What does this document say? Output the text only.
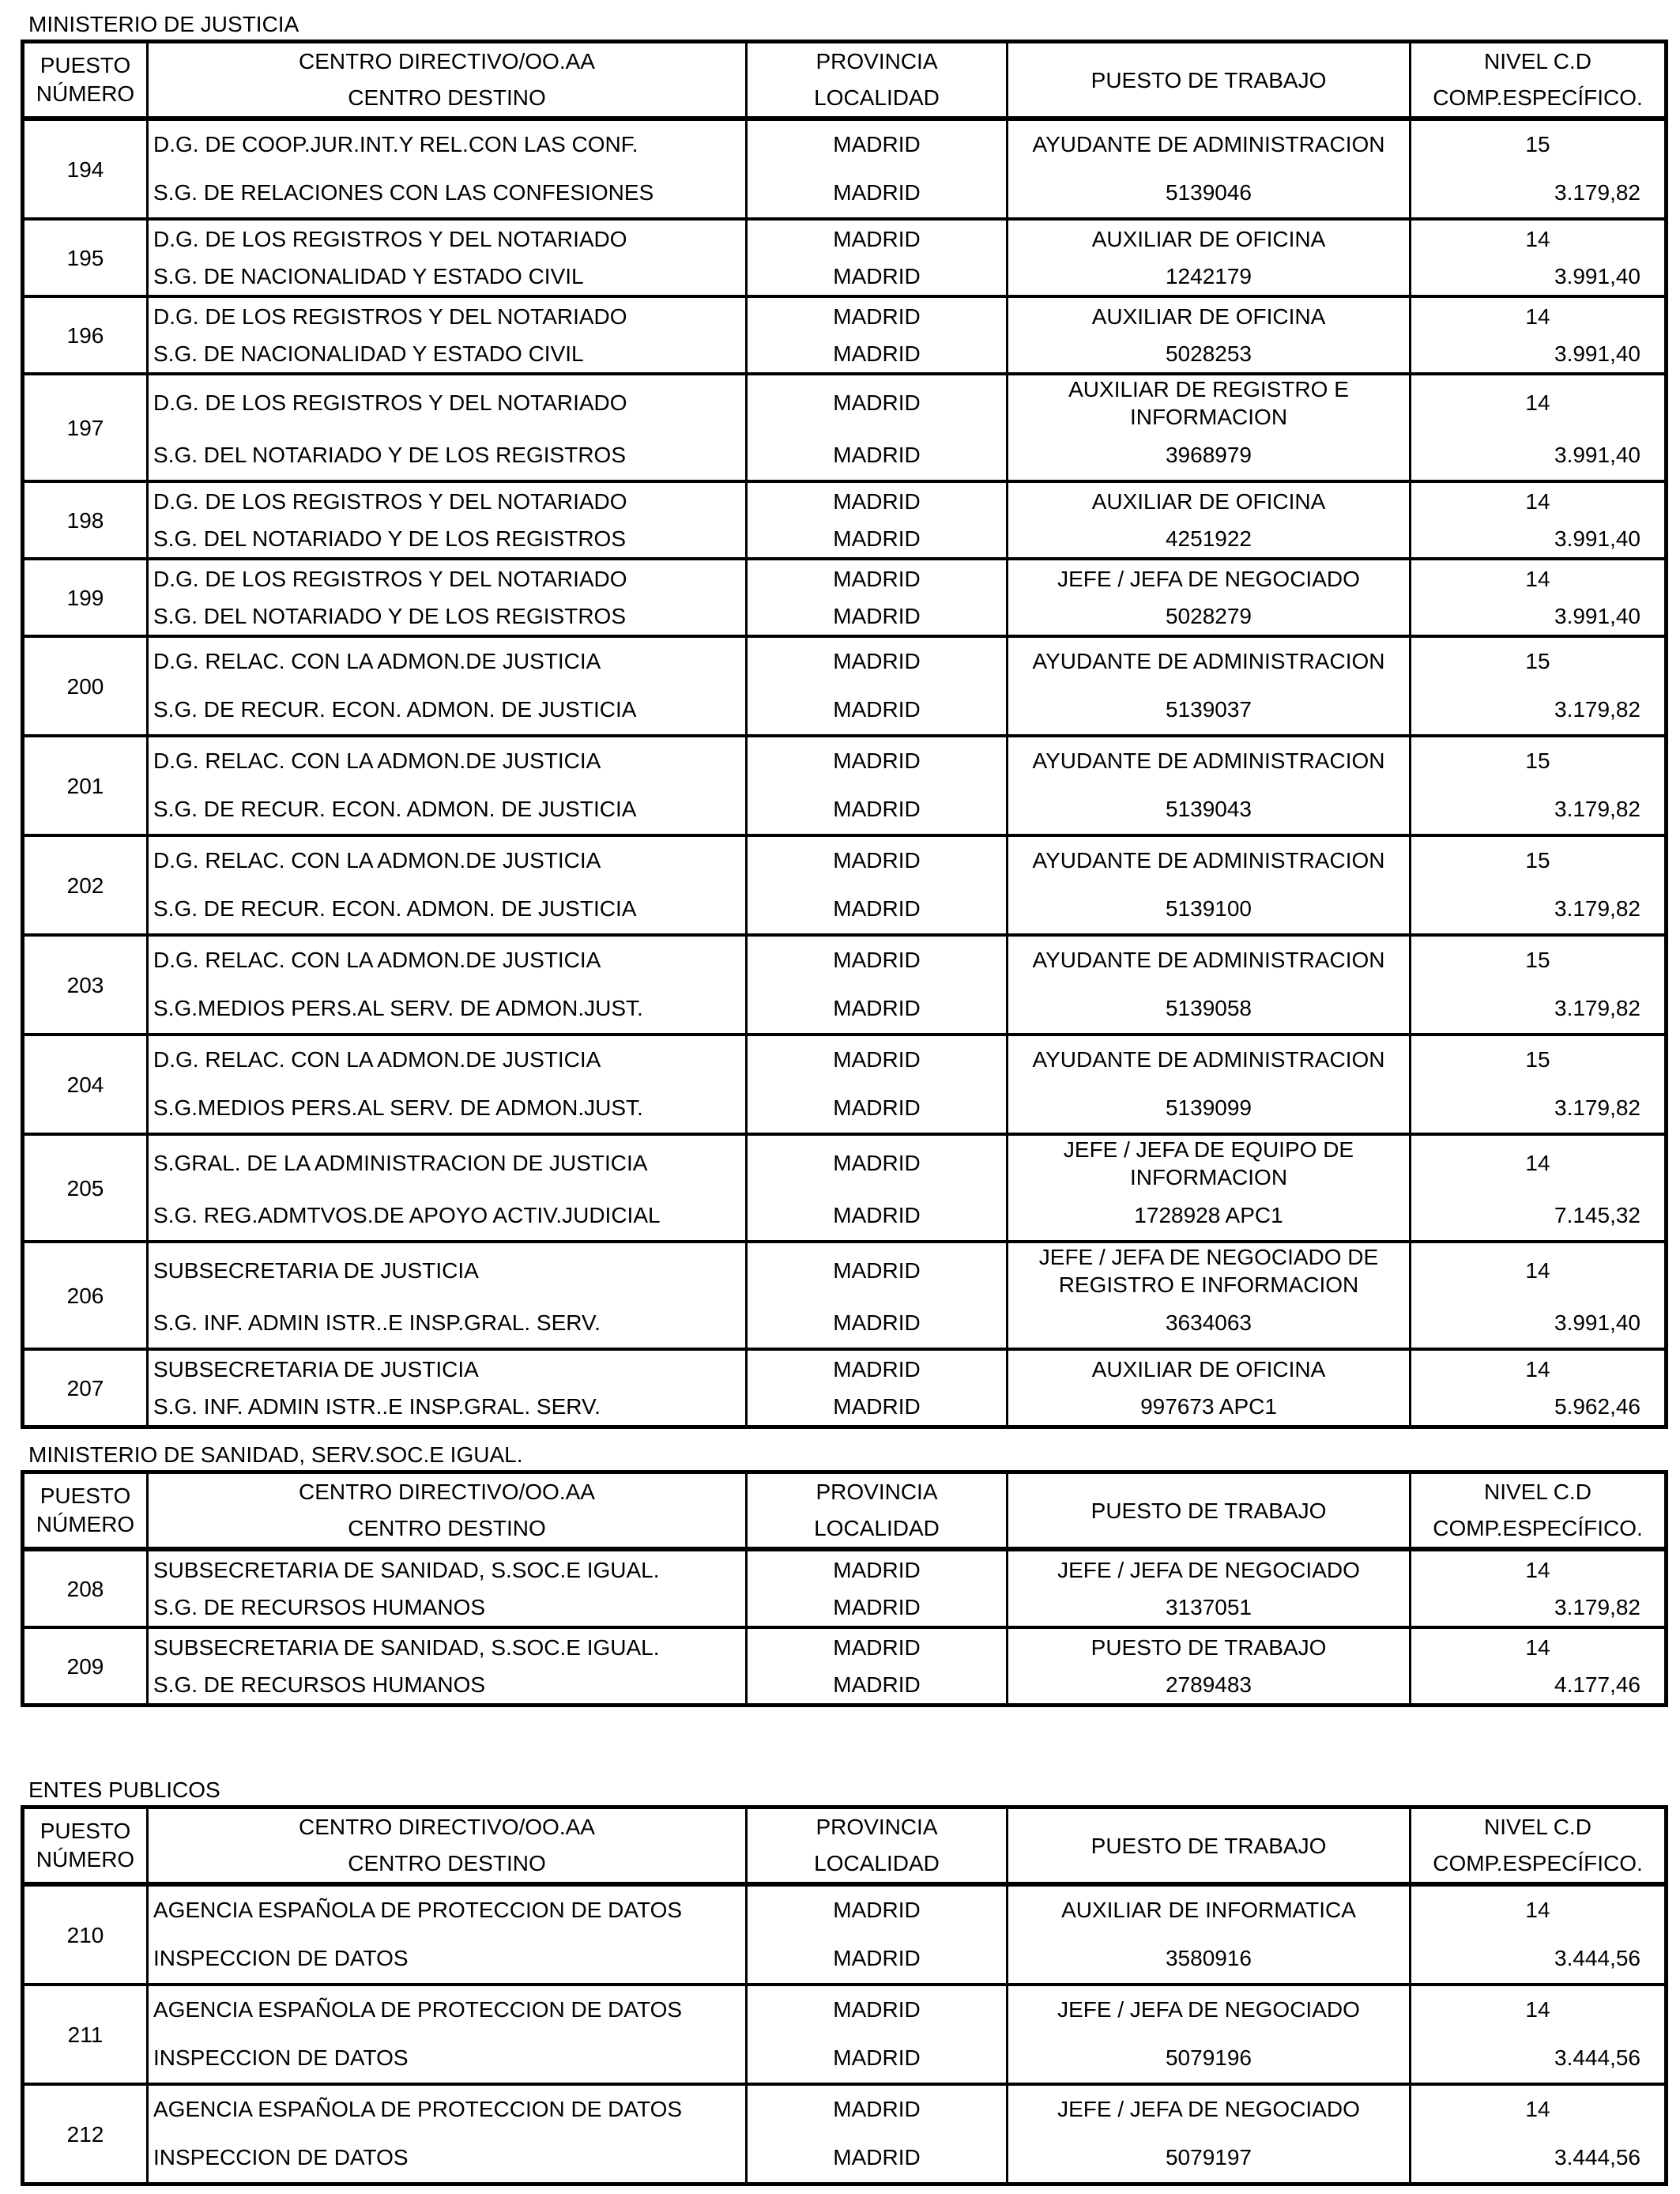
MINISTERIO DE JUSTICIA
PUESTO
NÚMERO	CENTRO DIRECTIVO/OO.AA	PROVINCIA	PUESTO DE TRABAJO	NIVEL C.D
	CENTRO DESTINO	LOCALIDAD		COMP.ESPECÍFICO.
194	D.G. DE COOP.JUR.INT.Y REL.CON LAS CONF.	MADRID	AYUDANTE DE ADMINISTRACION	15
	S.G. DE RELACIONES CON LAS CONFESIONES	MADRID	5139046	3.179,82
195	D.G. DE LOS REGISTROS Y DEL NOTARIADO	MADRID	AUXILIAR DE OFICINA	14
	S.G. DE NACIONALIDAD Y ESTADO CIVIL	MADRID	1242179	3.991,40
196	D.G. DE LOS REGISTROS Y DEL NOTARIADO	MADRID	AUXILIAR DE OFICINA	14
	S.G. DE NACIONALIDAD Y ESTADO CIVIL	MADRID	5028253	3.991,40
197	D.G. DE LOS REGISTROS Y DEL NOTARIADO	MADRID	AUXILIAR DE REGISTRO E INFORMACION	14
	S.G. DEL NOTARIADO Y DE LOS REGISTROS	MADRID	3968979	3.991,40
198	D.G. DE LOS REGISTROS Y DEL NOTARIADO	MADRID	AUXILIAR DE OFICINA	14
	S.G. DEL NOTARIADO Y DE LOS REGISTROS	MADRID	4251922	3.991,40
199	D.G. DE LOS REGISTROS Y DEL NOTARIADO	MADRID	JEFE / JEFA DE NEGOCIADO	14
	S.G. DEL NOTARIADO Y DE LOS REGISTROS	MADRID	5028279	3.991,40
200	D.G. RELAC. CON LA ADMON.DE JUSTICIA	MADRID	AYUDANTE DE ADMINISTRACION	15
	S.G. DE RECUR. ECON. ADMON. DE JUSTICIA	MADRID	5139037	3.179,82
201	D.G. RELAC. CON LA ADMON.DE JUSTICIA	MADRID	AYUDANTE DE ADMINISTRACION	15
	S.G. DE RECUR. ECON. ADMON. DE JUSTICIA	MADRID	5139043	3.179,82
202	D.G. RELAC. CON LA ADMON.DE JUSTICIA	MADRID	AYUDANTE DE ADMINISTRACION	15
	S.G. DE RECUR. ECON. ADMON. DE JUSTICIA	MADRID	5139100	3.179,82
203	D.G. RELAC. CON LA ADMON.DE JUSTICIA	MADRID	AYUDANTE DE ADMINISTRACION	15
	S.G.MEDIOS PERS.AL SERV. DE ADMON.JUST.	MADRID	5139058	3.179,82
204	D.G. RELAC. CON LA ADMON.DE JUSTICIA	MADRID	AYUDANTE DE ADMINISTRACION	15
	S.G.MEDIOS PERS.AL SERV. DE ADMON.JUST.	MADRID	5139099	3.179,82
205	S.GRAL. DE LA ADMINISTRACION DE JUSTICIA	MADRID	JEFE / JEFA DE EQUIPO DE INFORMACION	14
	S.G. REG.ADMTVOS.DE APOYO ACTIV.JUDICIAL	MADRID	1728928 APC1	7.145,32
206	SUBSECRETARIA DE JUSTICIA	MADRID	JEFE / JEFA DE NEGOCIADO DE REGISTRO E INFORMACION	14
	S.G. INF. ADMIN ISTR..E INSP.GRAL. SERV.	MADRID	3634063	3.991,40
207	SUBSECRETARIA DE JUSTICIA	MADRID	AUXILIAR DE OFICINA	14
	S.G. INF. ADMIN ISTR..E INSP.GRAL. SERV.	MADRID	997673 APC1	5.962,46
MINISTERIO DE SANIDAD, SERV.SOC.E IGUAL.
PUESTO
NÚMERO	CENTRO DIRECTIVO/OO.AA	PROVINCIA	PUESTO DE TRABAJO	NIVEL C.D
	CENTRO DESTINO	LOCALIDAD		COMP.ESPECÍFICO.
208	SUBSECRETARIA DE SANIDAD, S.SOC.E IGUAL.	MADRID	JEFE / JEFA DE NEGOCIADO	14
	S.G. DE RECURSOS HUMANOS	MADRID	3137051	3.179,82
209	SUBSECRETARIA DE SANIDAD, S.SOC.E IGUAL.	MADRID	PUESTO DE TRABAJO	14
	S.G. DE RECURSOS HUMANOS	MADRID	2789483	4.177,46
ENTES PUBLICOS
PUESTO
NÚMERO	CENTRO DIRECTIVO/OO.AA	PROVINCIA	PUESTO DE TRABAJO	NIVEL C.D
	CENTRO DESTINO	LOCALIDAD		COMP.ESPECÍFICO.
210	AGENCIA ESPAÑOLA DE PROTECCION DE DATOS	MADRID	AUXILIAR DE INFORMATICA	14
	INSPECCION DE DATOS	MADRID	3580916	3.444,56
211	AGENCIA ESPAÑOLA DE PROTECCION DE DATOS	MADRID	JEFE / JEFA DE NEGOCIADO	14
	INSPECCION DE DATOS	MADRID	5079196	3.444,56
212	AGENCIA ESPAÑOLA DE PROTECCION DE DATOS	MADRID	JEFE / JEFA DE NEGOCIADO	14
	INSPECCION DE DATOS	MADRID	5079197	3.444,56
